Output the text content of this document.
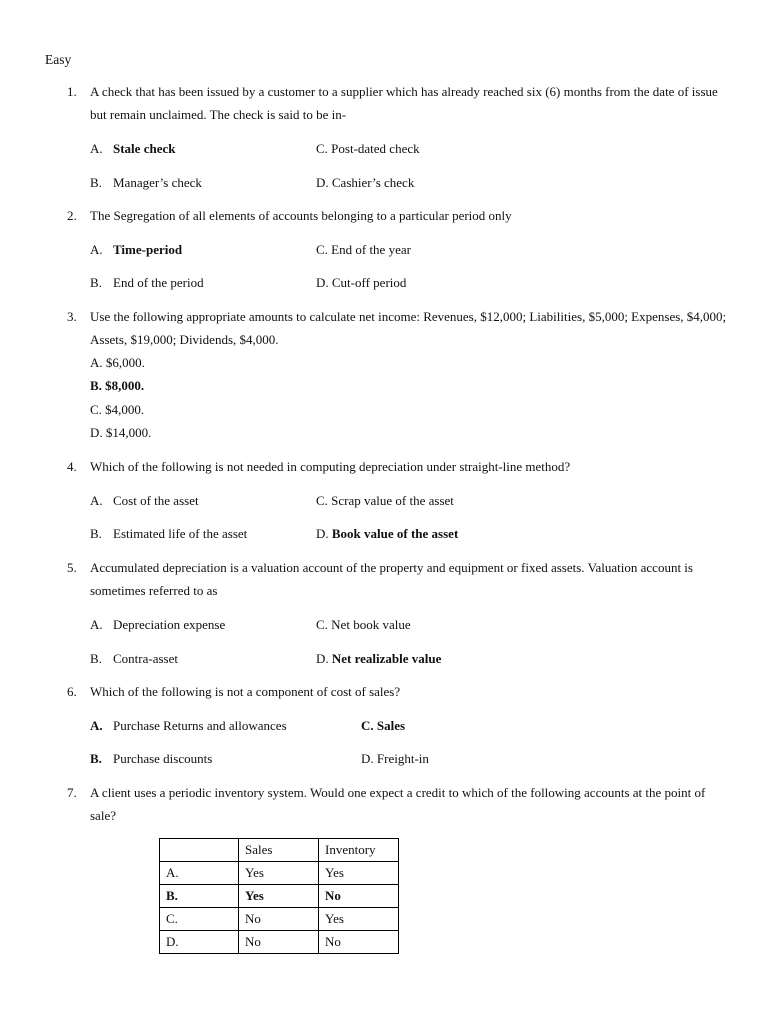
Easy
1. A check that has been issued by a customer to a supplier which has already reached six (6) months from the date of issue but remain unclaimed. The check is said to be in-
A. Stale check
B. Manager’s check
C. Post-dated check
D. Cashier’s check
2. The Segregation of all elements of accounts belonging to a particular period only
A. Time-period
B. End of the period
C. End of the year
D. Cut-off period
3. Use the following appropriate amounts to calculate net income: Revenues, $12,000; Liabilities, $5,000; Expenses, $4,000; Assets, $19,000; Dividends, $4,000.
A. $6,000.
B. $8,000.
C. $4,000.
D. $14,000.
4. Which of the following is not needed in computing depreciation under straight-line method?
A. Cost of the asset
B. Estimated life of the asset
C. Scrap value of the asset
D. Book value of the asset
5. Accumulated depreciation is a valuation account of the property and equipment or fixed assets. Valuation account is sometimes referred to as
A. Depreciation expense
B. Contra-asset
C. Net book value
D. Net realizable value
6. Which of the following is not a component of cost of sales?
A. Purchase Returns and allowances
B. Purchase discounts
C. Sales
D. Freight-in
7. A client uses a periodic inventory system. Would one expect a credit to which of the following accounts at the point of sale?
	Sales	Inventory
A.	Yes	Yes
B.	Yes	No
C.	No	Yes
D.	No	No
